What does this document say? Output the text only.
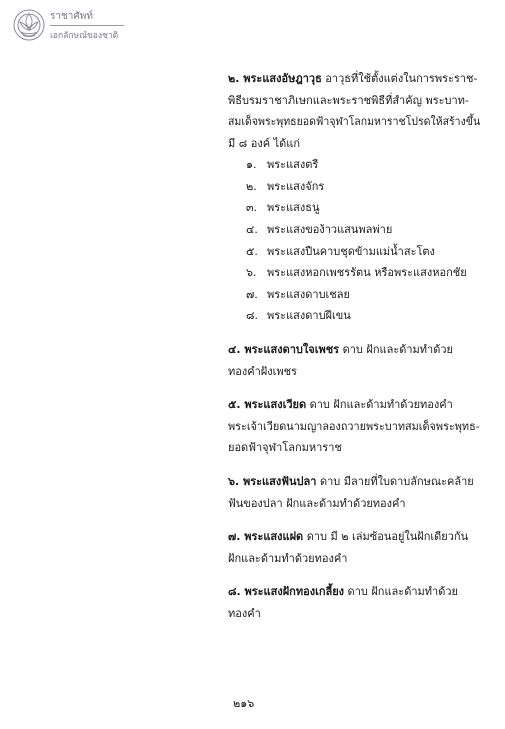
ราชาศัพท์
เอกลักษณ์ของชาติ
๒. พระแสงอัษฎาวุธ อาวุธที่ใช้ตั้งแต่งในการพระราช-
พิธีบรมราชาภิเษกและพระราชพิธีที่สำคัญ พระบาท-
สมเด็จพระพุทธยอดฟ้าจุฬาโลกมหาราชโปรดให้สร้างขึ้น
มี ๘ องค์ ได้แก่
๑. พระแสงตรี
๒. พระแสงจักร
๓. พระแสงธนู
๔. พระแสงของ้าวแสนพลพ่าย
๕. พระแสงปืนคาบชุดข้ามแม่น้ำสะโตง
๖. พระแสงหอกเพชรรัตน หรือพระแสงหอกชัย
๗. พระแสงดาบเชลย
๘. พระแสงดาบฝีเขน
๔. พระแสงดาบใจเพชร ดาบ ฝักและด้ามทำด้วย
ทองคำฝังเพชร
๕. พระแสงเวียด ดาบ ฝักและด้ามทำด้วยทองคำ
พระเจ้าเวียดนามญาลองถวายพระบาทสมเด็จพระพุทธ-
ยอดฟ้าจุฬาโลกมหาราช
๖. พระแสงฟันปลา ดาบ มีลายที่ใบดาบลักษณะคล้าย
ฟันของปลา ฝักและด้ามทำด้วยทองคำ
๗. พระแสงแฝด ดาบ มี ๒ เล่มซ้อนอยู่ในฝักเดียวกัน
ฝักและด้ามทำด้วยทองคำ
๘. พระแสงฝักทองเกลี้ยง ดาบ ฝักและด้ามทำด้วย
ทองคำ
๒๑๖
